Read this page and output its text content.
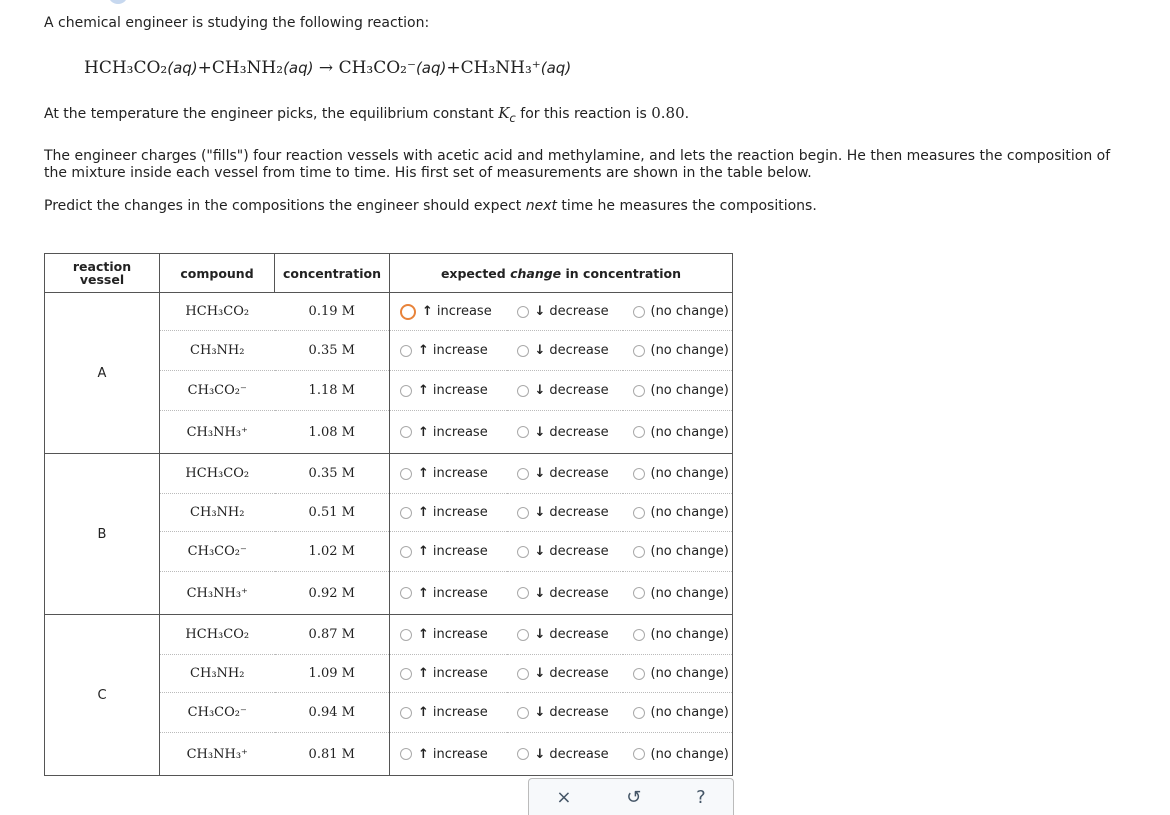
A chemical engineer is studying the following reaction:
HCH₃CO₂(aq)+CH₃NH₂(aq) → CH₃CO₂⁻(aq)+CH₃NH₃⁺(aq)
At the temperature the engineer picks, the equilibrium constant $K_c$ for this reaction is 0.80.
The engineer charges ("fills") four reaction vessels with acetic acid and methylamine, and lets the reaction begin. He then measures the composition of the mixture inside each vessel from time to time. His first set of measurements are shown in the table below.
Predict the changes in the compositions the engineer should expect next time he measures the compositions.
reaction
vessel	compound	concentration	expected change in concentration		
A	HCH₃CO₂	0.19 M	↑ increase	↓ decrease	(no change)

	CH₃NH₂	0.35 M	↑ increase	↓ decrease	(no change)

	CH₃CO₂⁻	1.18 M	↑ increase	↓ decrease	(no change)

	CH₃NH₃⁺	1.08 M	↑ increase	↓ decrease	(no change)

B	HCH₃CO₂	0.35 M	↑ increase	↓ decrease	(no change)

	CH₃NH₂	0.51 M	↑ increase	↓ decrease	(no change)

	CH₃CO₂⁻	1.02 M	↑ increase	↓ decrease	(no change)

	CH₃NH₃⁺	0.92 M	↑ increase	↓ decrease	(no change)

C	HCH₃CO₂	0.87 M	↑ increase	↓ decrease	(no change)

	CH₃NH₂	1.09 M	↑ increase	↓ decrease	(no change)

	CH₃CO₂⁻	0.94 M	↑ increase	↓ decrease	(no change)

	CH₃NH₃⁺	0.81 M	↑ increase	↓ decrease	(no change)
×	↺	?
